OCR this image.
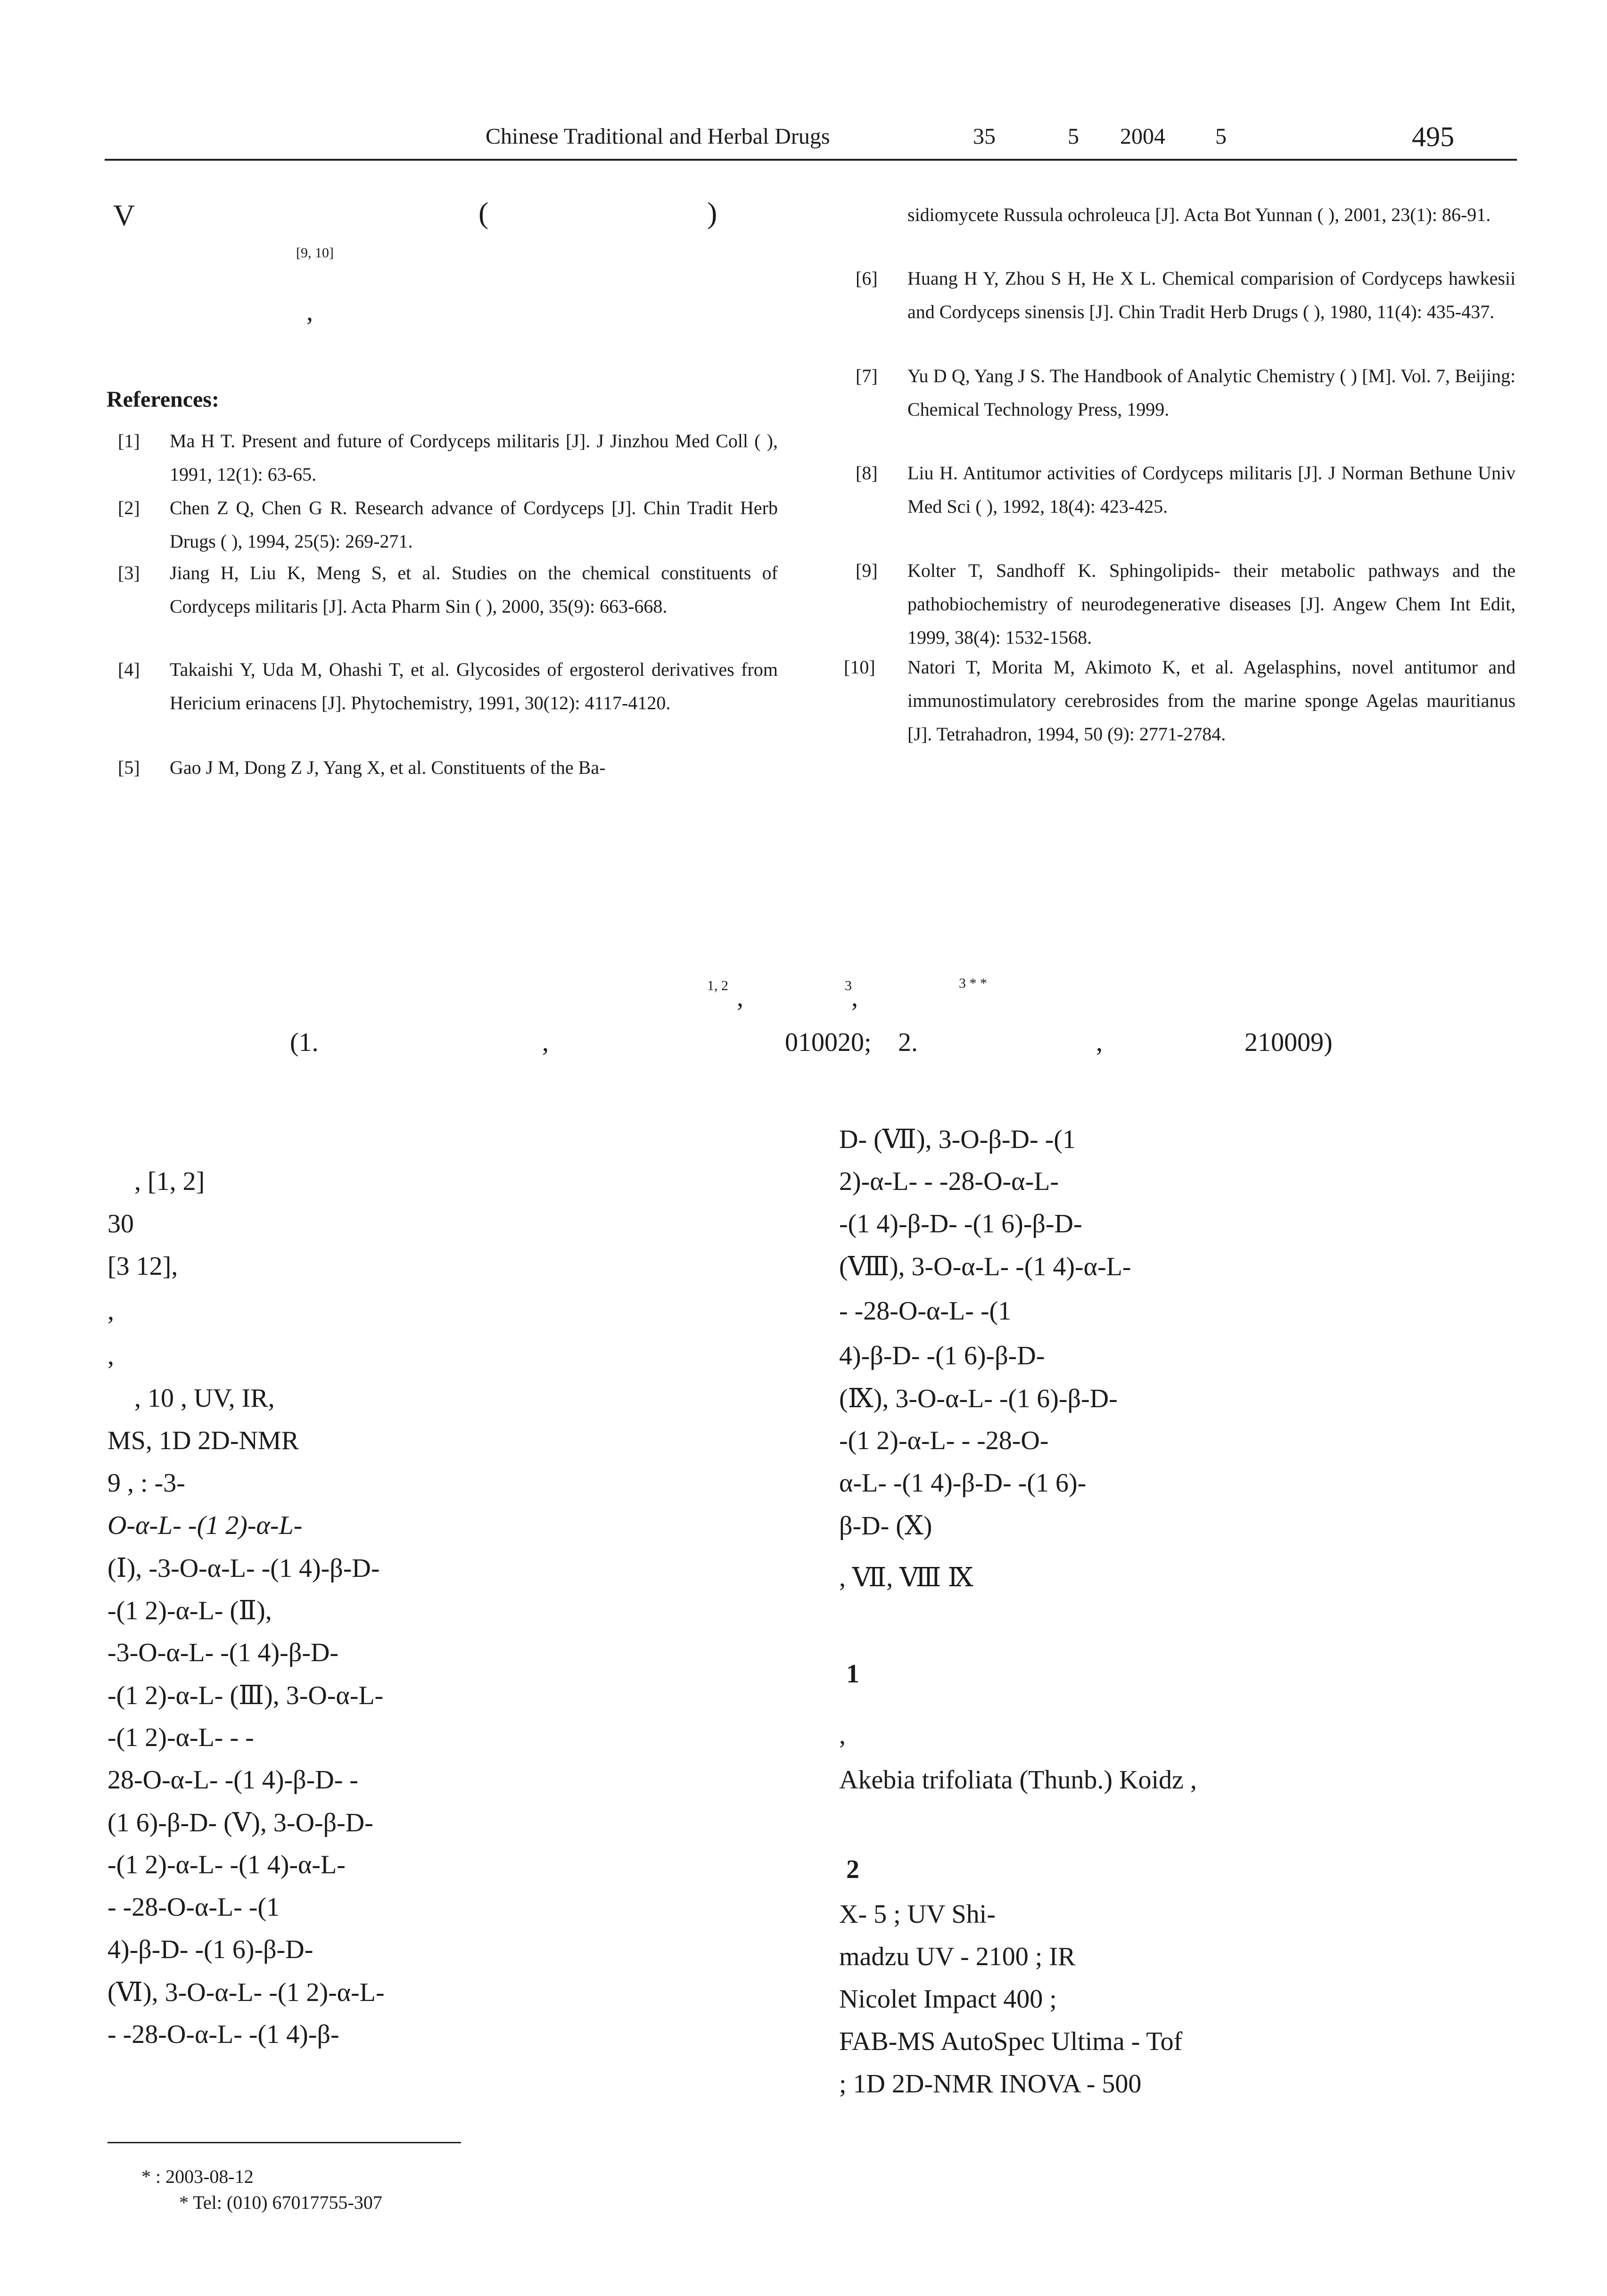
Chinese Traditional and Herbal Drugs	35	5 2004 5	495
V	(	)
[9, 10]
,
References:
[1] Ma H T. Present and future of Cordyceps militaris [J]. J Jinzhou Med Coll ( ), 1991, 12(1): 63-65.
[2] Chen Z Q, Chen G R. Research advance of Cordyceps [J]. Chin Tradit Herb Drugs ( ), 1994, 25(5): 269-271.
[3] Jiang H, Liu K, Meng S, et al. Studies on the chemical constituents of Cordyceps militaris [J]. Acta Pharm Sin ( ), 2000, 35(9): 663-668.
[4] Takaishi Y, Uda M, Ohashi T, et al. Glycosides of ergosterol derivatives from Hericium erinacens [J]. Phytochemistry, 1991, 30(12): 4117-4120.
[5] Gao J M, Dong Z J, Yang X, et al. Constituents of the Ba-
sidiomycete Russula ochroleuca [J]. Acta Bot Yunnan ( ), 2001, 23(1): 86-91.
[6] Huang H Y, Zhou S H, He X L. Chemical comparision of Cordyceps hawkesii and Cordyceps sinensis [J]. Chin Tradit Herb Drugs ( ), 1980, 11(4): 435-437.
[7] Yu D Q, Yang J S. The Handbook of Analytic Chemistry ( ) [M]. Vol. 7, Beijing: Chemical Technology Press, 1999.
[8] Liu H. Antitumor activities of Cordyceps militaris [J]. J Norman Bethune Univ Med Sci ( ), 1992, 18(4): 423-425.
[9] Kolter T, Sandhoff K. Sphingolipids- their metabolic pathways and the pathobiochemistry of neurodegenerative diseases [J]. Angew Chem Int Edit, 1999, 38(4): 1532-1568.
[10] Natori T, Morita M, Akimoto K, et al. Agelasphins, novel antitumor and immunostimulatory cerebrosides from the marine sponge Agelas mauritianus [J]. Tetrahadron, 1994, 50 (9): 2771-2784.
1, 2 ,	3 ,	3 * *
(1.	,	010020; 2.	,	210009)
, [1, 2]
30
[3 12],
,
,
, 10 , UV, IR,
MS, 1D 2D-NMR
9 , : -3-
O-α-L- -(1 2)-α-L-
(Ⅰ), -3-O-α-L- -(1 4)-β-D-
-(1 2)-α-L- (Ⅱ),
-3-O-α-L- -(1 4)-β-D-
-(1 2)-α-L- (Ⅲ), 3-O-α-L-
-(1 2)-α-L- - -
28-O-α-L- -(1 4)-β-D- -
(1 6)-β-D- (Ⅴ), 3-O-β-D-
-(1 2)-α-L- -(1 4)-α-L-
- -28-O-α-L- -(1
4)-β-D- -(1 6)-β-D-
(Ⅵ), 3-O-α-L- -(1 2)-α-L-
- -28-O-α-L- -(1 4)-β-
D- (Ⅶ), 3-O-β-D- -(1
2)-α-L- - -28-O-α-L-
-(1 4)-β-D- -(1 6)-β-D-
(Ⅷ), 3-O-α-L- -(1 4)-α-L-
- -28-O-α-L- -(1
4)-β-D- -(1 6)-β-D-
(Ⅸ), 3-O-α-L- -(1 6)-β-D-
-(1 2)-α-L- - -28-O-
α-L- -(1 4)-β-D- -(1 6)-
β-D- (Ⅹ)
, Ⅶ, Ⅷ Ⅸ
1
,
Akebia trifoliata (Thunb.) Koidz ,
2
X- 5 ; UV Shi-
madzu UV - 2100 ; IR
Nicolet Impact 400 ;
FAB-MS AutoSpec Ultima - Tof
; 1D 2D-NMR INOVA - 500
* : 2003-08-12
* Tel: (010) 67017755-307
